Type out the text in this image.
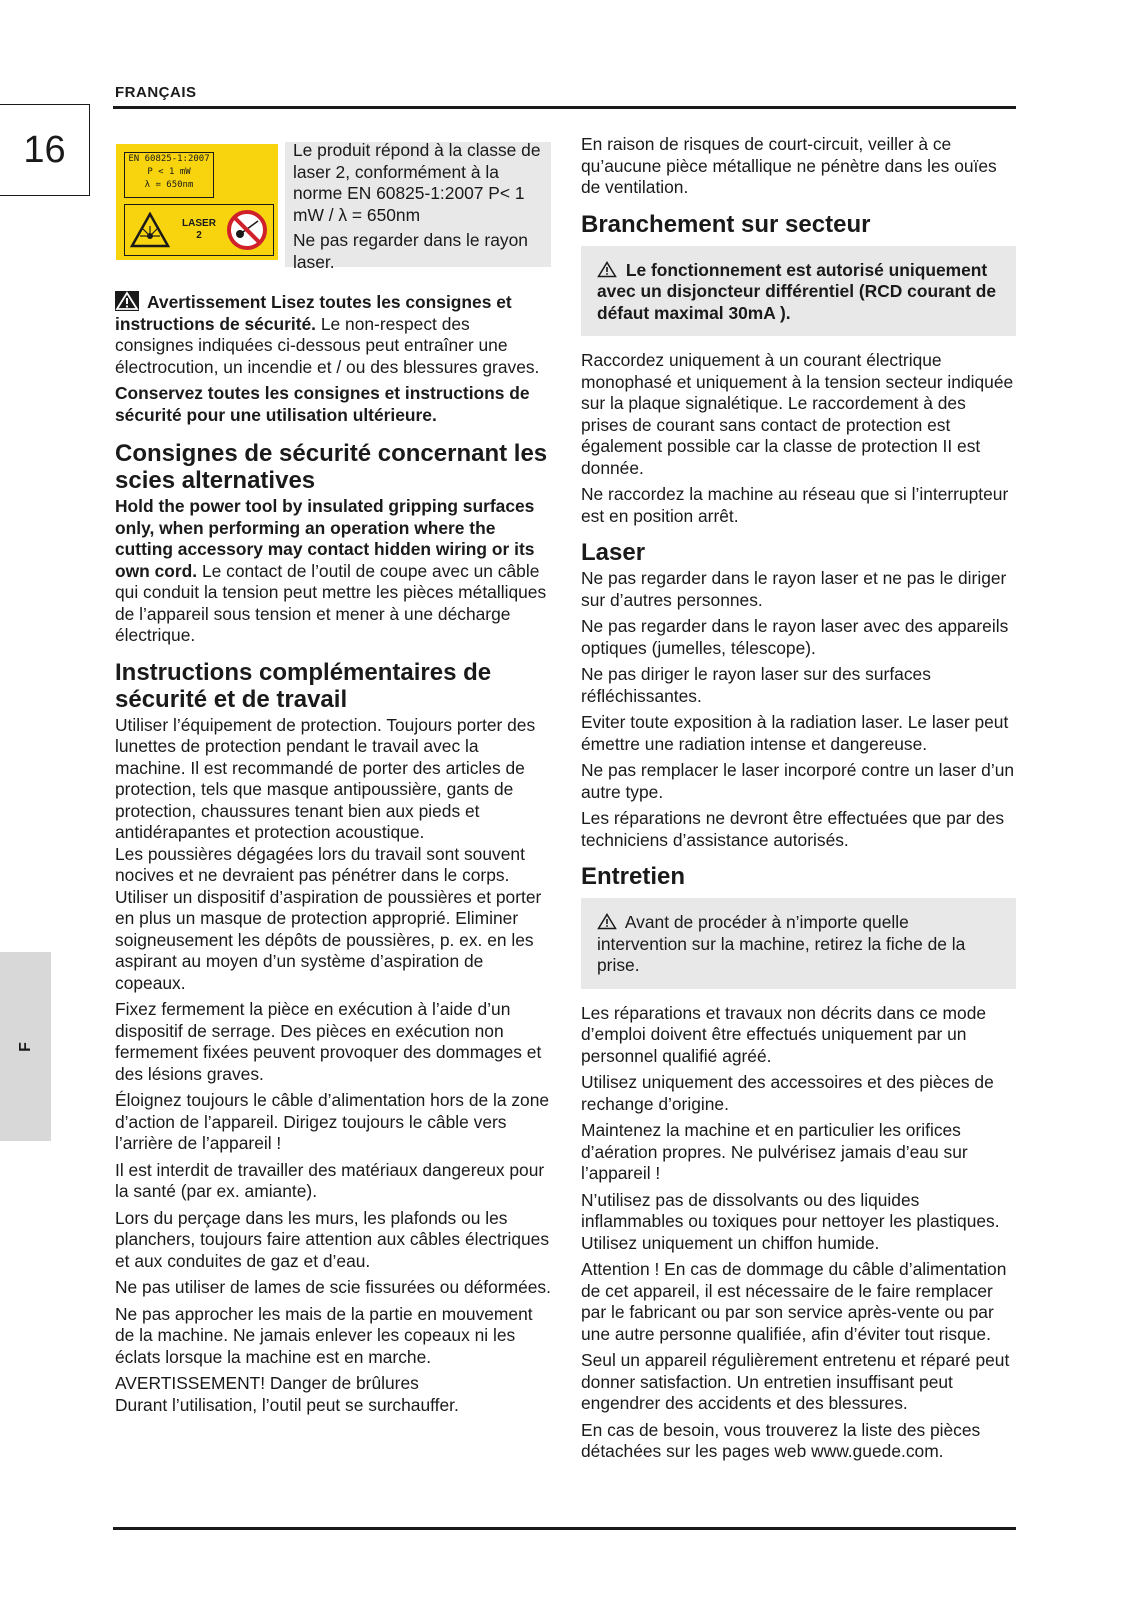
FRANÇAIS
16
F
EN 60825-1:2007
P < 1 mW
λ = 650nm
LASER
2

Le produit répond à la classe de laser 2, conformément à la norme EN 60825-1:2007 P< 1 mW / λ = 650nm

Ne pas regarder dans le rayon laser.

Avertissement Lisez toutes les consignes et instructions de sécurité. Le non-respect des consignes indiquées ci-dessous peut entraîner une électrocution, un incendie et / ou des blessures graves.

Conservez toutes les consignes et instructions de sécurité pour une utilisation ultérieure.

Consignes de sécurité concernant les scies alternatives

Hold the power tool by insulated gripping surfaces only, when performing an operation where the cutting accessory may contact hidden wiring or its own cord. Le contact de l’outil de coupe avec un câble qui conduit la tension peut mettre les pièces métalliques de l’appareil sous tension et mener à une décharge électrique.

Instructions complémentaires de sécurité et de travail

Utiliser l’équipement de protection. Toujours porter des lunettes de protection pendant le travail avec la machine. Il est recommandé de porter des articles de protection, tels que masque antipoussière, gants de protection, chaussures tenant bien aux pieds et antidérapantes et protection acoustique.

Les poussières dégagées lors du travail sont souvent nocives et ne devraient pas pénétrer dans le corps. Utiliser un dispositif d’aspiration de poussières et porter en plus un masque de protection approprié. Eliminer soigneusement les dépôts de poussières, p. ex. en les aspirant au moyen d’un système d’aspiration de copeaux.

Fixez fermement la pièce en exécution à l’aide d’un dispositif de serrage. Des pièces en exécution non fermement fixées peuvent provoquer des dommages et des lésions graves.

Éloignez toujours le câble d’alimentation hors de la zone d’action de l’appareil. Dirigez toujours le câble vers l’arrière de l’appareil !

Il est interdit de travailler des matériaux dangereux pour la santé (par ex. amiante).

Lors du perçage dans les murs, les plafonds ou les planchers, toujours faire attention aux câbles électriques et aux conduites de gaz et d’eau.

Ne pas utiliser de lames de scie fissurées ou déformées.

Ne pas approcher les mais de la partie en mouvement de la machine. Ne jamais enlever les copeaux ni les éclats lorsque la machine est en marche.

AVERTISSEMENT! Danger de brûlures

Durant l’utilisation, l’outil peut se surchauffer.

En raison de risques de court-circuit, veiller à ce qu’aucune pièce métallique ne pénètre dans les ouïes de ventilation.

Branchement sur secteur

Le fonctionnement est autorisé uniquement avec un disjoncteur différentiel (RCD courant de défaut maximal 30mA ).

Raccordez uniquement à un courant électrique monophasé et uniquement à la tension secteur indiquée sur la plaque signalétique. Le raccordement à des prises de courant sans contact de protection est également possible car la classe de protection II est donnée.

Ne raccordez la machine au réseau que si l’interrupteur est en position arrêt.

Laser

Ne pas regarder dans le rayon laser et ne pas le diriger sur d’autres personnes.

Ne pas regarder dans le rayon laser avec des appareils optiques (jumelles, télescope).

Ne pas diriger le rayon laser sur des surfaces réfléchissantes.

Eviter toute exposition à la radiation laser. Le laser peut émettre une radiation intense et dangereuse.

Ne pas remplacer le laser incorporé contre un laser d’un autre type.

Les réparations ne devront être effectuées que par des techniciens d’assistance autorisés.

Entretien

Avant de procéder à n’importe quelle intervention sur la machine, retirez la fiche de la prise.

Les réparations et travaux non décrits dans ce mode d’emploi doivent être effectués uniquement par un personnel qualifié agréé.

Utilisez uniquement des accessoires et des pièces de rechange d’origine.

Maintenez la machine et en particulier les orifices d’aération propres. Ne pulvérisez jamais d’eau sur l’appareil !

N’utilisez pas de dissolvants ou des liquides inflammables ou toxiques pour nettoyer les plastiques. Utilisez uniquement un chiffon humide.

Attention ! En cas de dommage du câble d’alimentation de cet appareil, il est nécessaire de le faire remplacer par le fabricant ou par son service après-vente ou par une autre personne qualifiée, afin d’éviter tout risque.

Seul un appareil régulièrement entretenu et réparé peut donner satisfaction. Un entretien insuffisant peut engendrer des accidents et des blessures.

En cas de besoin, vous trouverez la liste des pièces détachées sur les pages web www.guede.com.
